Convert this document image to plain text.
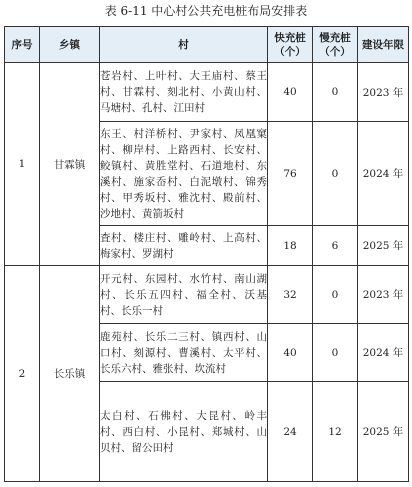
表 6-11 中心村公共充电桩布局安排表
序号	乡镇	村	快充桩（个）	慢充桩（个）	建设年限
1	甘霖镇	苍岩村、上叶村、大王庙村、蔡王村、甘霖村、刻北村、小黄山村、马塘村、孔村、江田村	40	0	2023 年
		东王、村洋桥村、尹家村、凤凰窠村、柳岸村、上路西村、长安村、鲛镇村、黄胜堂村、石道地村、东溪村、施家岙村、白泥墩村、锦秀村、甲秀坂村、雅沈村、殿前村、沙地村、黄箭坂村	76	0	2024 年
		査村、楼庄村、雕岭村、上高村、梅家村、罗湖村	18	6	2025 年
2	长乐镇	开元村、东园村、水竹村、南山湖村、长乐五四村、福全村、沃基村、长乐一村	32	0	2023 年
		鹿苑村、长乐二三村、镇西村、山口村、刻源村、曹溪村、太平村、长乐六村、雅张村、坎流村	40	0	2024 年
		太白村、石佛村、大昆村、岭丰村、西白村、小昆村、郑城村、山贝村、留公田村	24	12	2025 年
